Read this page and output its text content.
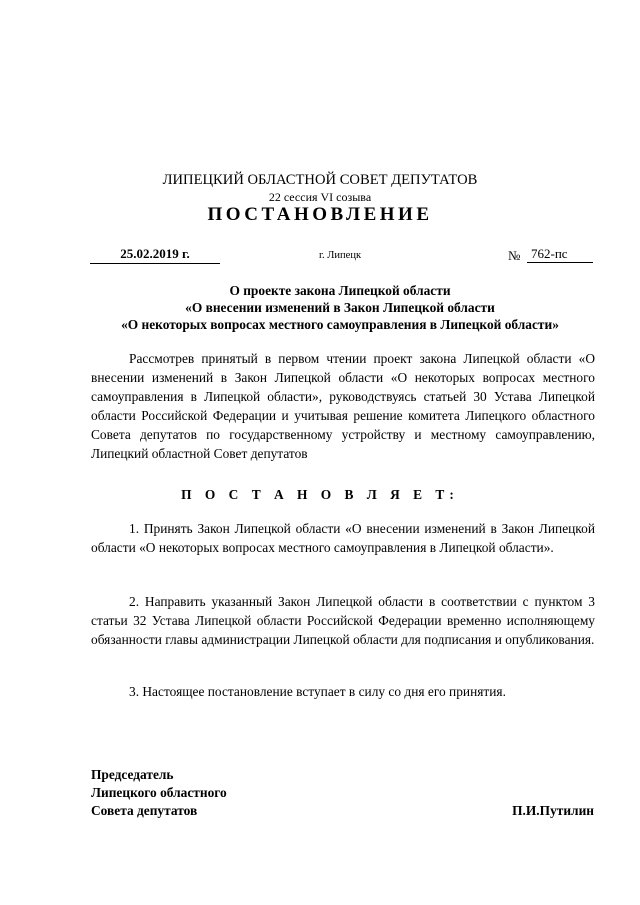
ЛИПЕЦКИЙ ОБЛАСТНОЙ СОВЕТ ДЕПУТАТОВ
22 сессия VI созыва
ПОСТАНОВЛЕНИЕ
25.02.2019 г.	г. Липецк	№ 762-пс
О проекте закона Липецкой области
«О внесении изменений в Закон Липецкой области
«О некоторых вопросах местного самоуправления в Липецкой области»

Рассмотрев принятый в первом чтении проект закона Липецкой области «О внесении изменений в Закон Липецкой области «О некоторых вопросах местного самоуправления в Липецкой области», руководствуясь статьей 30 Устава Липецкой области Российской Федерации и учитывая решение комитета Липецкого областного Совета депутатов по государственному устройству и местному самоуправлению, Липецкий областной Совет депутатов

П О С Т А Н О В Л Я Е Т:

1. Принять Закон Липецкой области «О внесении изменений в Закон Липецкой области «О некоторых вопросах местного самоуправления в Липецкой области».

2. Направить указанный Закон Липецкой области в соответствии с пунктом 3 статьи 32 Устава Липецкой области Российской Федерации временно исполняющему обязанности главы администрации Липецкой области для подписания и опубликования.

3. Настоящее постановление вступает в силу со дня его принятия.

Председатель
Липецкого областного
Совета депутатов	П.И.Путилин
